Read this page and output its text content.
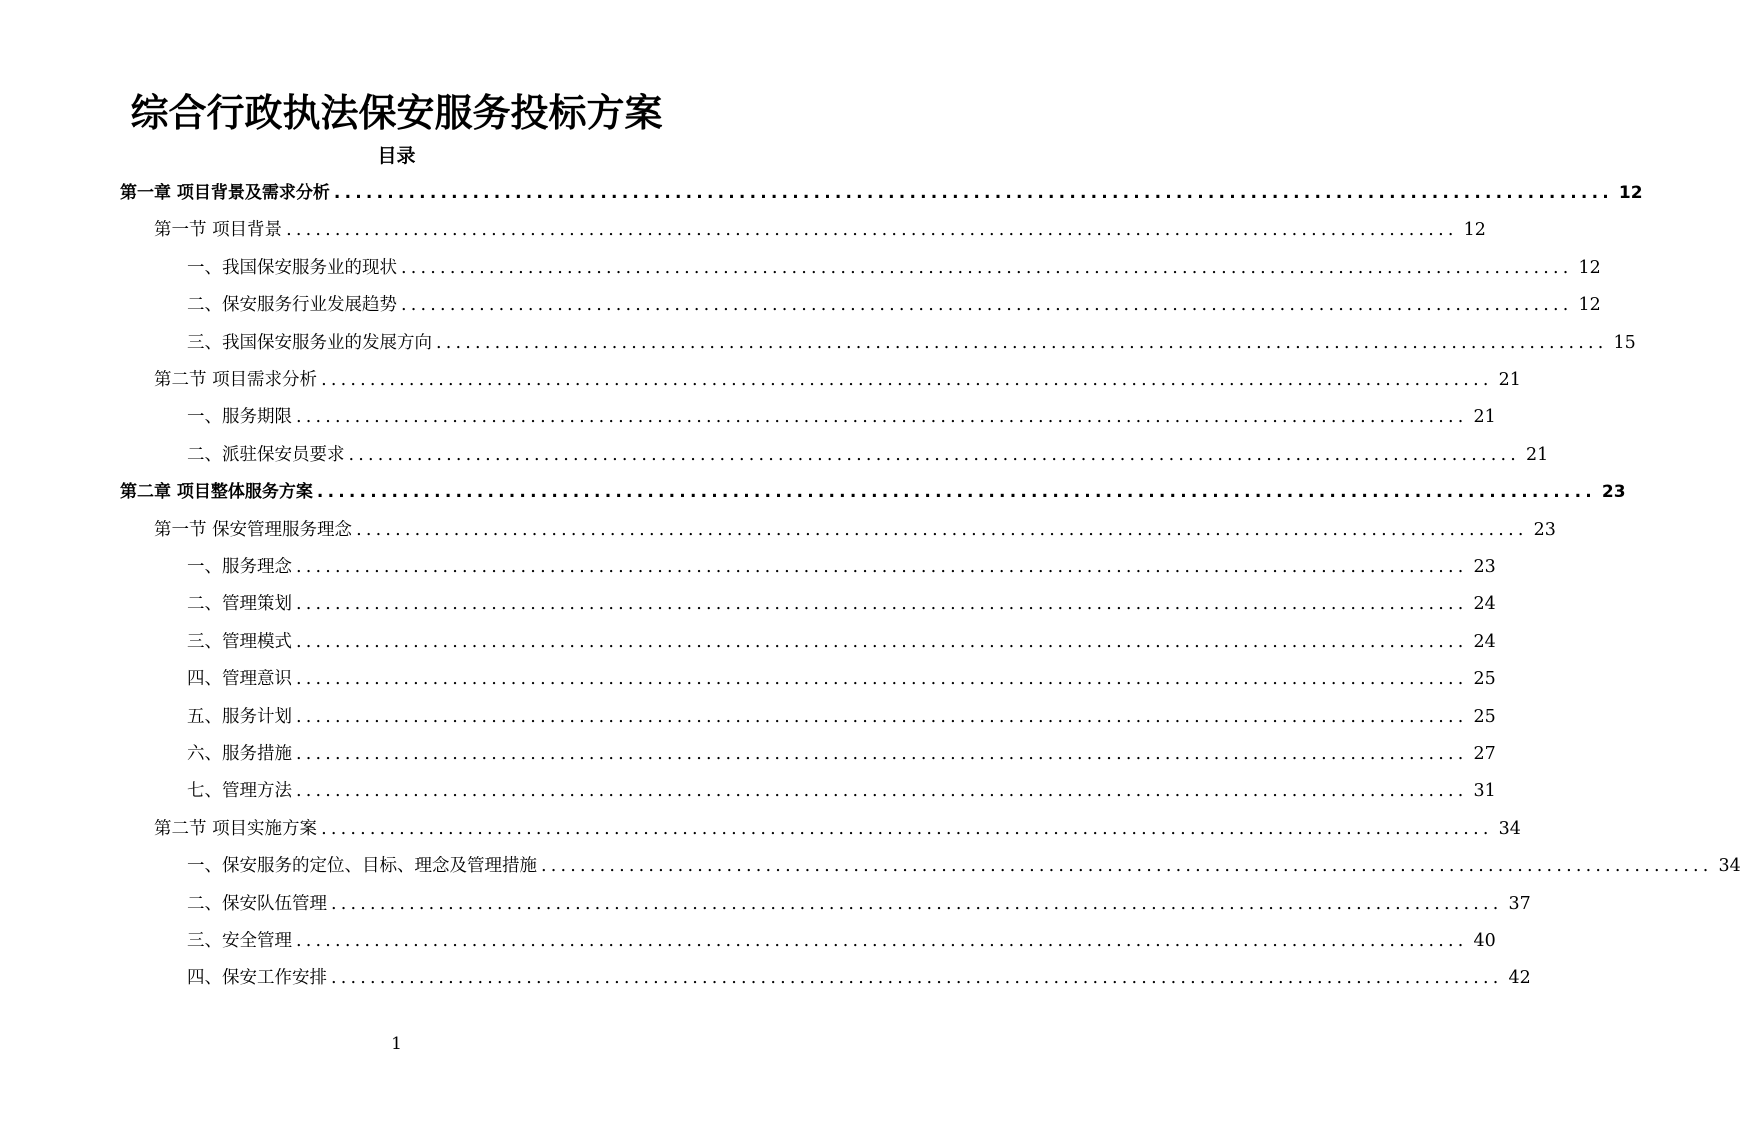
综合行政执法保安服务投标方案
目录
第一章 项目背景及需求分析 ........................................................................................................................ 12
第一节 项目背景 ........................................................................................................................ 12
一、我国保安服务业的现状 ........................................................................................................................ 12
二、保安服务行业发展趋势 ........................................................................................................................ 12
三、我国保安服务业的发展方向 ........................................................................................................................ 15
第二节 项目需求分析 ........................................................................................................................ 21
一、服务期限 ........................................................................................................................ 21
二、派驻保安员要求 ........................................................................................................................ 21
第二章 项目整体服务方案 ........................................................................................................................ 23
第一节 保安管理服务理念 ........................................................................................................................ 23
一、服务理念 ........................................................................................................................ 23
二、管理策划 ........................................................................................................................ 24
三、管理模式 ........................................................................................................................ 24
四、管理意识 ........................................................................................................................ 25
五、服务计划 ........................................................................................................................ 25
六、服务措施 ........................................................................................................................ 27
七、管理方法 ........................................................................................................................ 31
第二节 项目实施方案 ........................................................................................................................ 34
一、保安服务的定位、目标、理念及管理措施 ........................................................................................................................ 34
二、保安队伍管理 ........................................................................................................................ 37
三、安全管理 ........................................................................................................................ 40
四、保安工作安排 ........................................................................................................................ 42
1
